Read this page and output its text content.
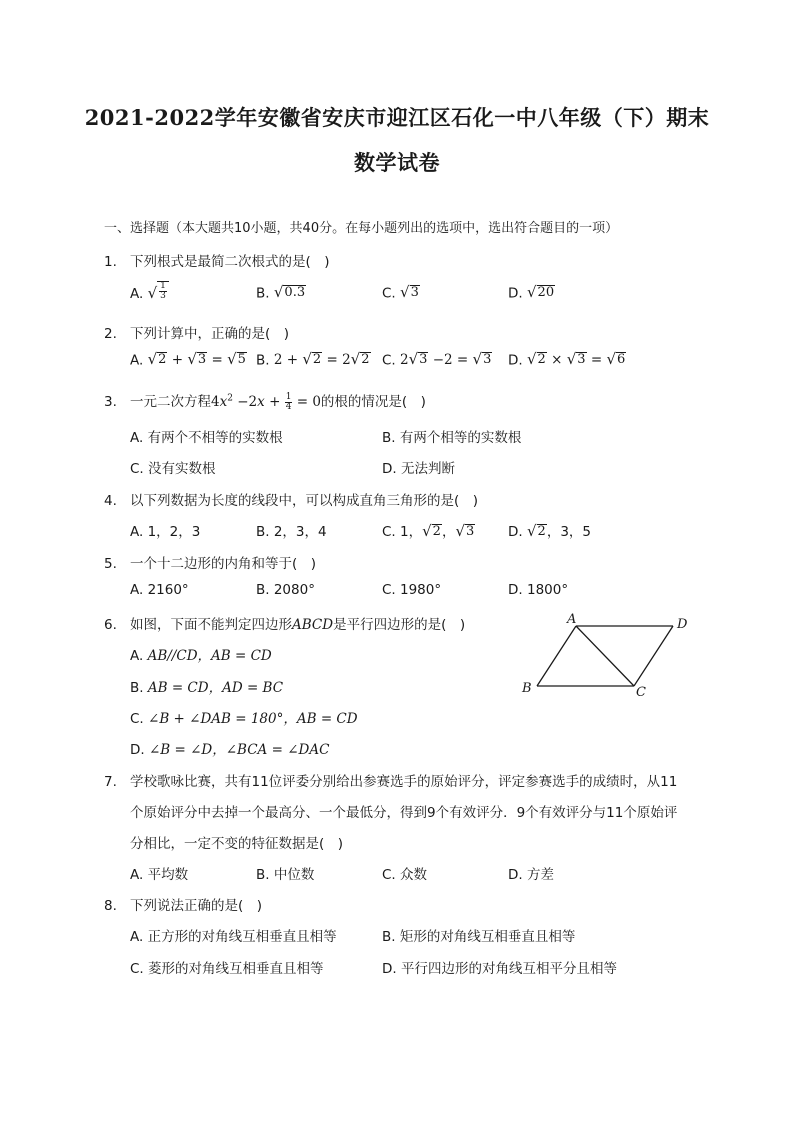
2021-2022学年安徽省安庆市迎江区石化一中八年级（下）期末
数学试卷
一、选择题（本大题共10小题，共40分。在每小题列出的选项中，选出符合题目的一项）
1. 下列根式是最简二次根式的是(　)
A. √ $\frac{1}{3}$	B. √ 0.3	C. √ 3	D. √ 20
2. 下列计算中，正确的是(　)
A. √ 2 + √ 3 = √ 5 B. 2 + √ 2 = 2 √ 2 C. 2 √ 3 −2 = √ 3 D. √ 2 × √ 3 = √ 6
3. 一元二次方程$4x^2 -2x + \frac{1}{4} = 0$的根的情况是(　)
A. 有两个不相等的实数根	B. 有两个相等的实数根
C. 没有实数根	D. 无法判断
4. 以下列数据为长度的线段中，可以构成直角三角形的是(　)
A. 1，2，3	B. 2，3，4	C. 1， √ 2 ， √ 3 D. √ 2 ，3，5
5. 一个十二边形的内角和等于(　)
A. 2160°	B. 2080°	C. 1980°	D. 1800°
6. 如图，下面不能判定四边形ABCD是平行四边形的是(　)
A. AB//CD，AB = CD
B. AB = CD，AD = BC
C. ∠B + ∠DAB = 180°，AB = CD
D. ∠B = ∠D，∠BCA = ∠DAC
A	D
B	C
7. 学校歌咏比赛，共有11位评委分别给出参赛选手的原始评分，评定参赛选手的成绩时，从11
个原始评分中去掉一个最高分、一个最低分，得到9个有效评分．9个有效评分与11个原始评
分相比，一定不变的特征数据是(　)
A. 平均数	B. 中位数	C. 众数	D. 方差
8. 下列说法正确的是(　)
A. 正方形的对角线互相垂直且相等	B. 矩形的对角线互相垂直且相等
C. 菱形的对角线互相垂直且相等	D. 平行四边形的对角线互相平分且相等
